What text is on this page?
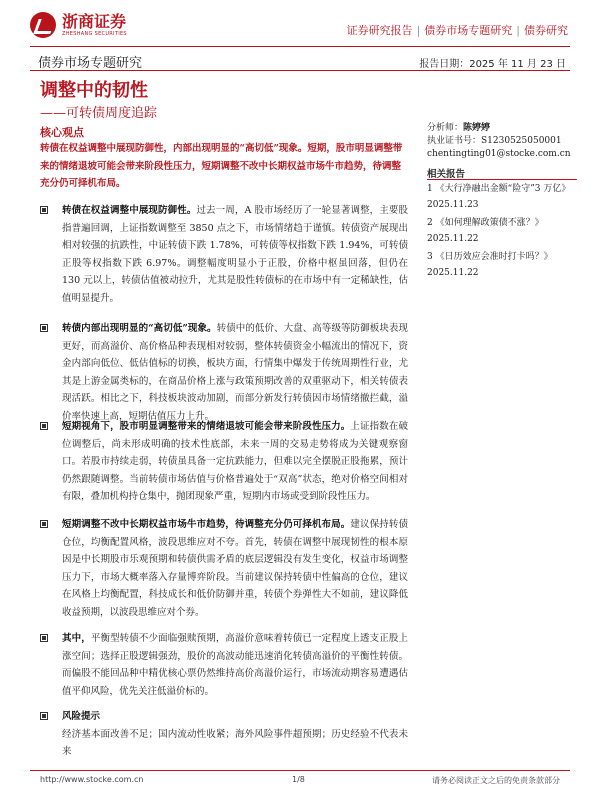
浙商证券
ZHESHANG SECURITIES	证券研究报告 | 债券市场专题研究 | 债券研究
债券市场专题研究	报告日期：2025 年 11 月 23 日
调整中的韧性
——可转债周度追踪
核心观点
转债在权益调整中展现防御性，内部出现明显的“高切低”现象。短期，股市明显调整带来的情绪退坡可能会带来阶段性压力，短期调整不改中长期权益市场牛市趋势，待调整充分仍可择机布局。
分析师：陈婷婷
执业证书号：S1230525050001
chentingting01@stocke.com.cn
相关报告
1 《大行净融出金额“险守”3 万亿》 2025.11.23
2 《如何理解政策债不涨？》 2025.11.22
3 《日历效应会准时打卡吗？》 2025.11.22

转债在权益调整中展现防御性。过去一周，A 股市场经历了一轮显著调整，主要股指普遍回调，上证指数调整至 3850 点之下，市场情绪趋于谨慎。转债资产展现出相对较强的抗跌性，中证转债下跌 1.78%，可转债等权指数下跌 1.94%，可转债正股等权指数下跌 6.97%。调整幅度明显小于正股，价格中枢虽回落，但仍在 130 元以上，转债估值被动拉升，尤其是股性转债标的在市场中有一定稀缺性，估值明显提升。

转债内部出现明显的“高切低”现象。转债中的低价、大盘、高等级等防御板块表现更好，而高溢价、高价格品种表现相对较弱，整体转债资金小幅流出的情况下，资金内部向低位、低估值标的切换，板块方面，行情集中爆发于传统周期性行业，尤其是上游金属类标的，在商品价格上涨与政策预期改善的双重驱动下，相关转债表现活跃。相比之下，科技板块波动加剧，而部分新发行转债因市场情绪撤拦截，溢价率快速上高，短期估值压力上升。

短期视角下，股市明显调整带来的情绪退坡可能会带来阶段性压力。上证指数在破位调整后，尚未形成明确的技术性底部，未来一周的交易走势将成为关键观察窗口。若股市持续走弱，转债虽具备一定抗跌能力，但难以完全摆脱正股拖累，预计仍然跟随调整。当前转债市场估值与价格普遍处于“双高”状态，绝对价格空间相对有限，叠加机构持仓集中，抛团现象严重，短期内市场或受到阶段性压力。

短期调整不改中长期权益市场牛市趋势，待调整充分仍可择机布局。建议保持转债仓位，均衡配置风格，波段思维应对不夸。首先，转债在调整中展现韧性的根本原因是中长期股市乐观预期和转债供需矛盾的底层逻辑没有发生变化，权益市场调整压力下，市场大概率落入存量博弈阶段。当前建议保持转债中性偏高的仓位，建议在风格上均衡配置，科技成长和低价防御并重，转债个券弹性大不如前，建议降低收益预期，以波段思维应对个券。

其中，平衡型转债不少面临强赎预期，高溢价意味着转债已一定程度上透支正股上涨空间；选择正股逻辑强劲，股价的高波动能迅速消化转债高溢价的平衡性转债。而偏股不能回品种中精优核心票仍然维持高价高溢价运行，市场流动期容易遭遇估值平仰风险，优先关注低溢价标的。

风险提示

经济基本面改善不足；国内流动性收紧；海外风险事件超预期；历史经验不代表未来

http://www.stocke.com.cn	1/8	请务必阅读正文之后的免责条款部分
